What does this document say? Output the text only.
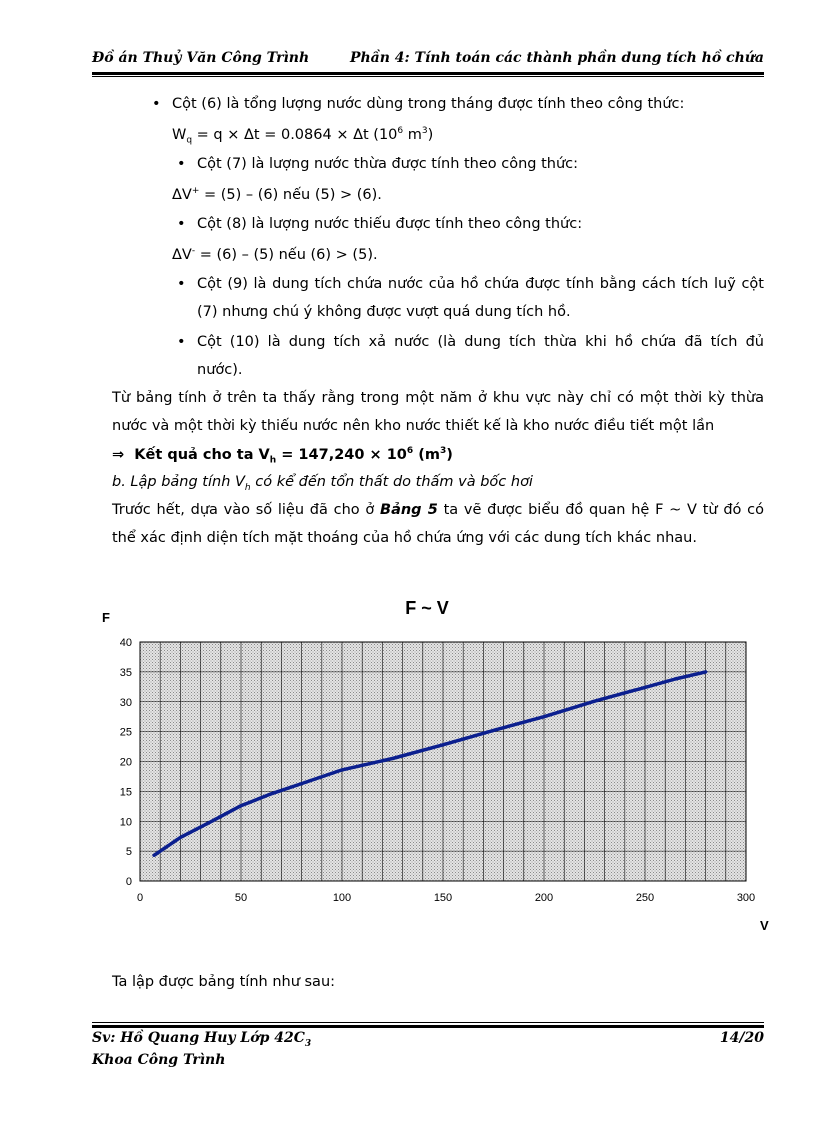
Đồ án Thuỷ Văn Công Trình	Phần 4: Tính toán các thành phần dung tích hồ chứa
• Cột (6) là tổng lượng nước dùng trong tháng được tính theo công thức:
$W_q = q \times \Delta t = 0.0864 \times \Delta t$ ($10^6$ $m^3$)
• Cột (7) là lượng nước thừa được tính theo công thức:
ΔV+ = (5) – (6) nếu (5) > (6).
• Cột (8) là lượng nước thiếu được tính theo công thức:
ΔV- = (6) – (5) nếu (6) > (5).
• Cột (9) là dung tích chứa nước của hồ chứa được tính bằng cách tích luỹ cột
(7) nhưng chú ý không được vượt quá dung tích hồ.
• Cột (10) là dung tích xả nước (là dung tích thừa khi hồ chứa đã tích đủ
nước).
Từ bảng tính ở trên ta thấy rằng trong một năm ở khu vực này chỉ có một thời kỳ thừa
nước và một thời kỳ thiếu nước nên kho nước thiết kế là kho nước điều tiết một lần
⇒ Kết quả cho ta $V_h = 147,240 \times 10^6$ $(m^3)$
b. Lập bảng tính $V_h$ có kể đến tổn thất do thấm và bốc hơi
Trước hết, dựa vào số liệu đã cho ở Bảng 5 ta vẽ được biểu đồ quan hệ F ~ V từ đó có
thể xác định diện tích mặt thoáng của hồ chứa ứng với các dung tích khác nhau.
Ta lập được bảng tính như sau:
F ~ V
F
V
0	50	100	150	200	250	300
0
5
10
15
20
25
30
35
40
Sv: Hồ Quang Huy Lớp $42C_3$	14/20
Khoa Công Trình
